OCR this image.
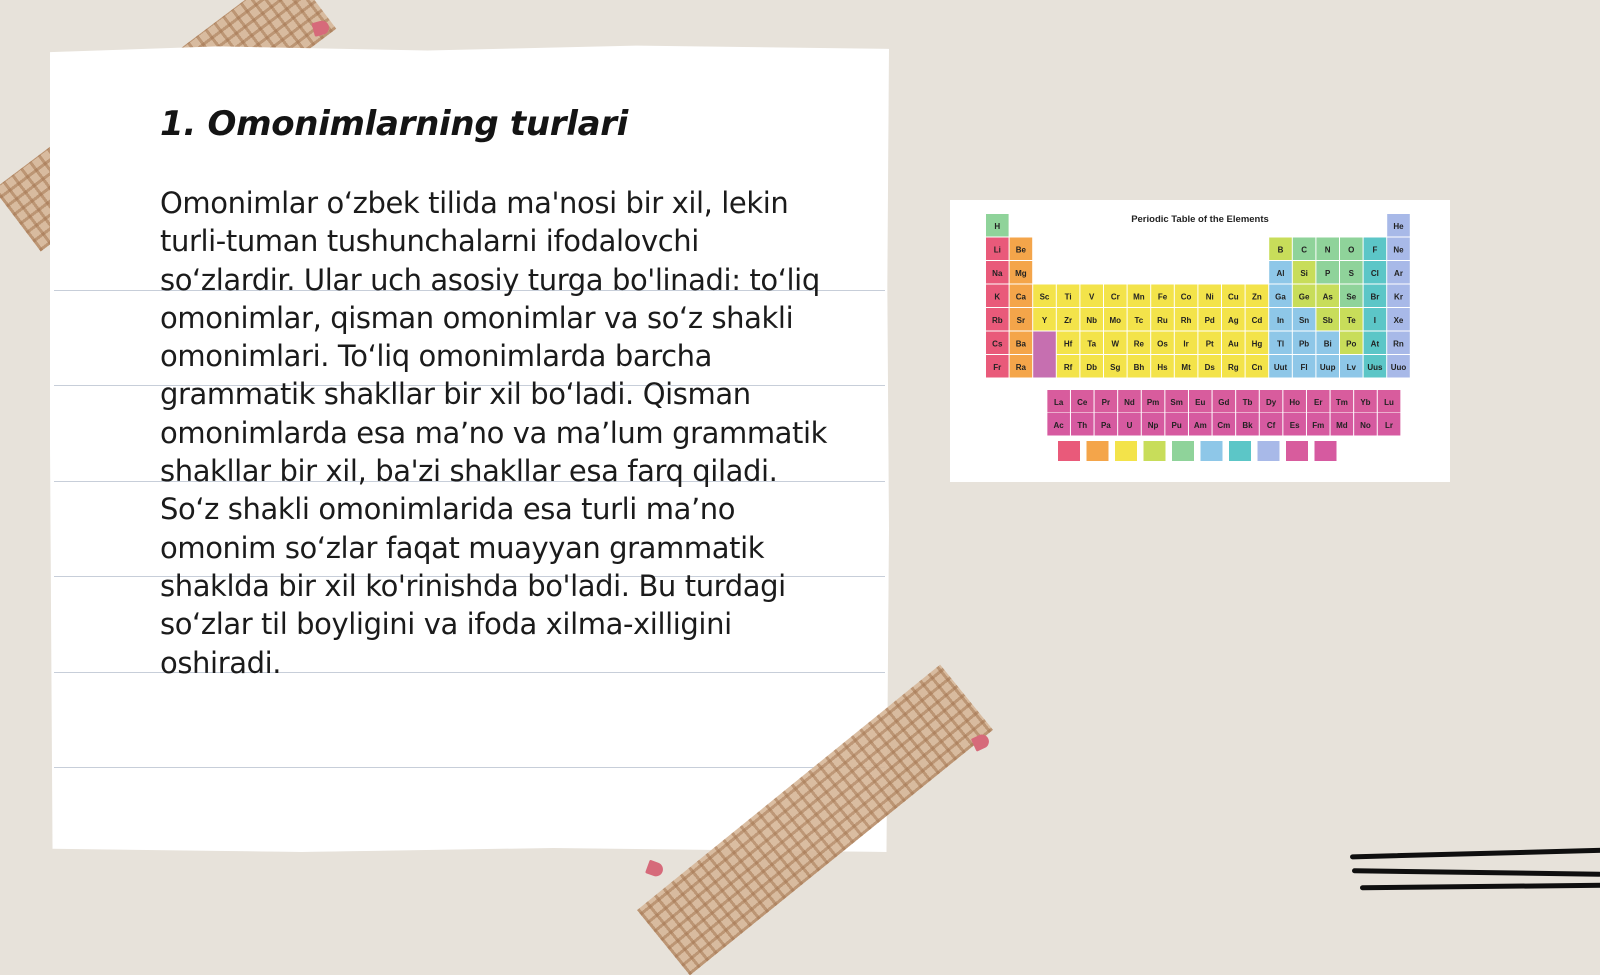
1. Omonimlarning turlari

Omonimlar o‘zbek tilida ma'nosi bir xil, lekin turli-tuman tushunchalarni ifodalovchi so‘zlardir. Ular uch asosiy turga bo'linadi: to‘liq omonimlar, qisman omonimlar va so‘z shakli omonimlari. To‘liq omonimlarda barcha grammatik shakllar bir xil bo‘ladi. Qisman omonimlarda esa ma’no va ma’lum grammatik shakllar bir xil, ba'zi shakllar esa farq qiladi. So‘z shakli omonimlarida esa turli ma’no omonim so‘zlar faqat muayyan grammatik shaklda bir xil ko'rinishda bo'ladi. Bu turdagi so‘zlar til boyligini va ifoda xilma-xilligini oshiradi.

Periodic Table of the Elements
H	He
Li Be	B C N O F Ne
Na Mg	Al Si P S Cl Ar
K Ca Sc Ti V Cr Mn Fe Co Ni Cu Zn Ga Ge As Se Br Kr
Rb Sr Y Zr Nb Mo Tc Ru Rh Pd Ag Cd In Sn Sb Te I Xe
Cs Ba	Hf Ta W Re Os Ir Pt Au Hg Tl Pb Bi Po At Rn
Fr Ra	Rf Db Sg Bh Hs Mt Ds Rg Cn Uut Fl Uup Lv Uus Uuo
La Ce Pr Nd Pm Sm Eu Gd Tb Dy Ho Er Tm Yb Lu
Ac Th Pa U Np Pu Am Cm Bk Cf Es Fm Md No Lr
